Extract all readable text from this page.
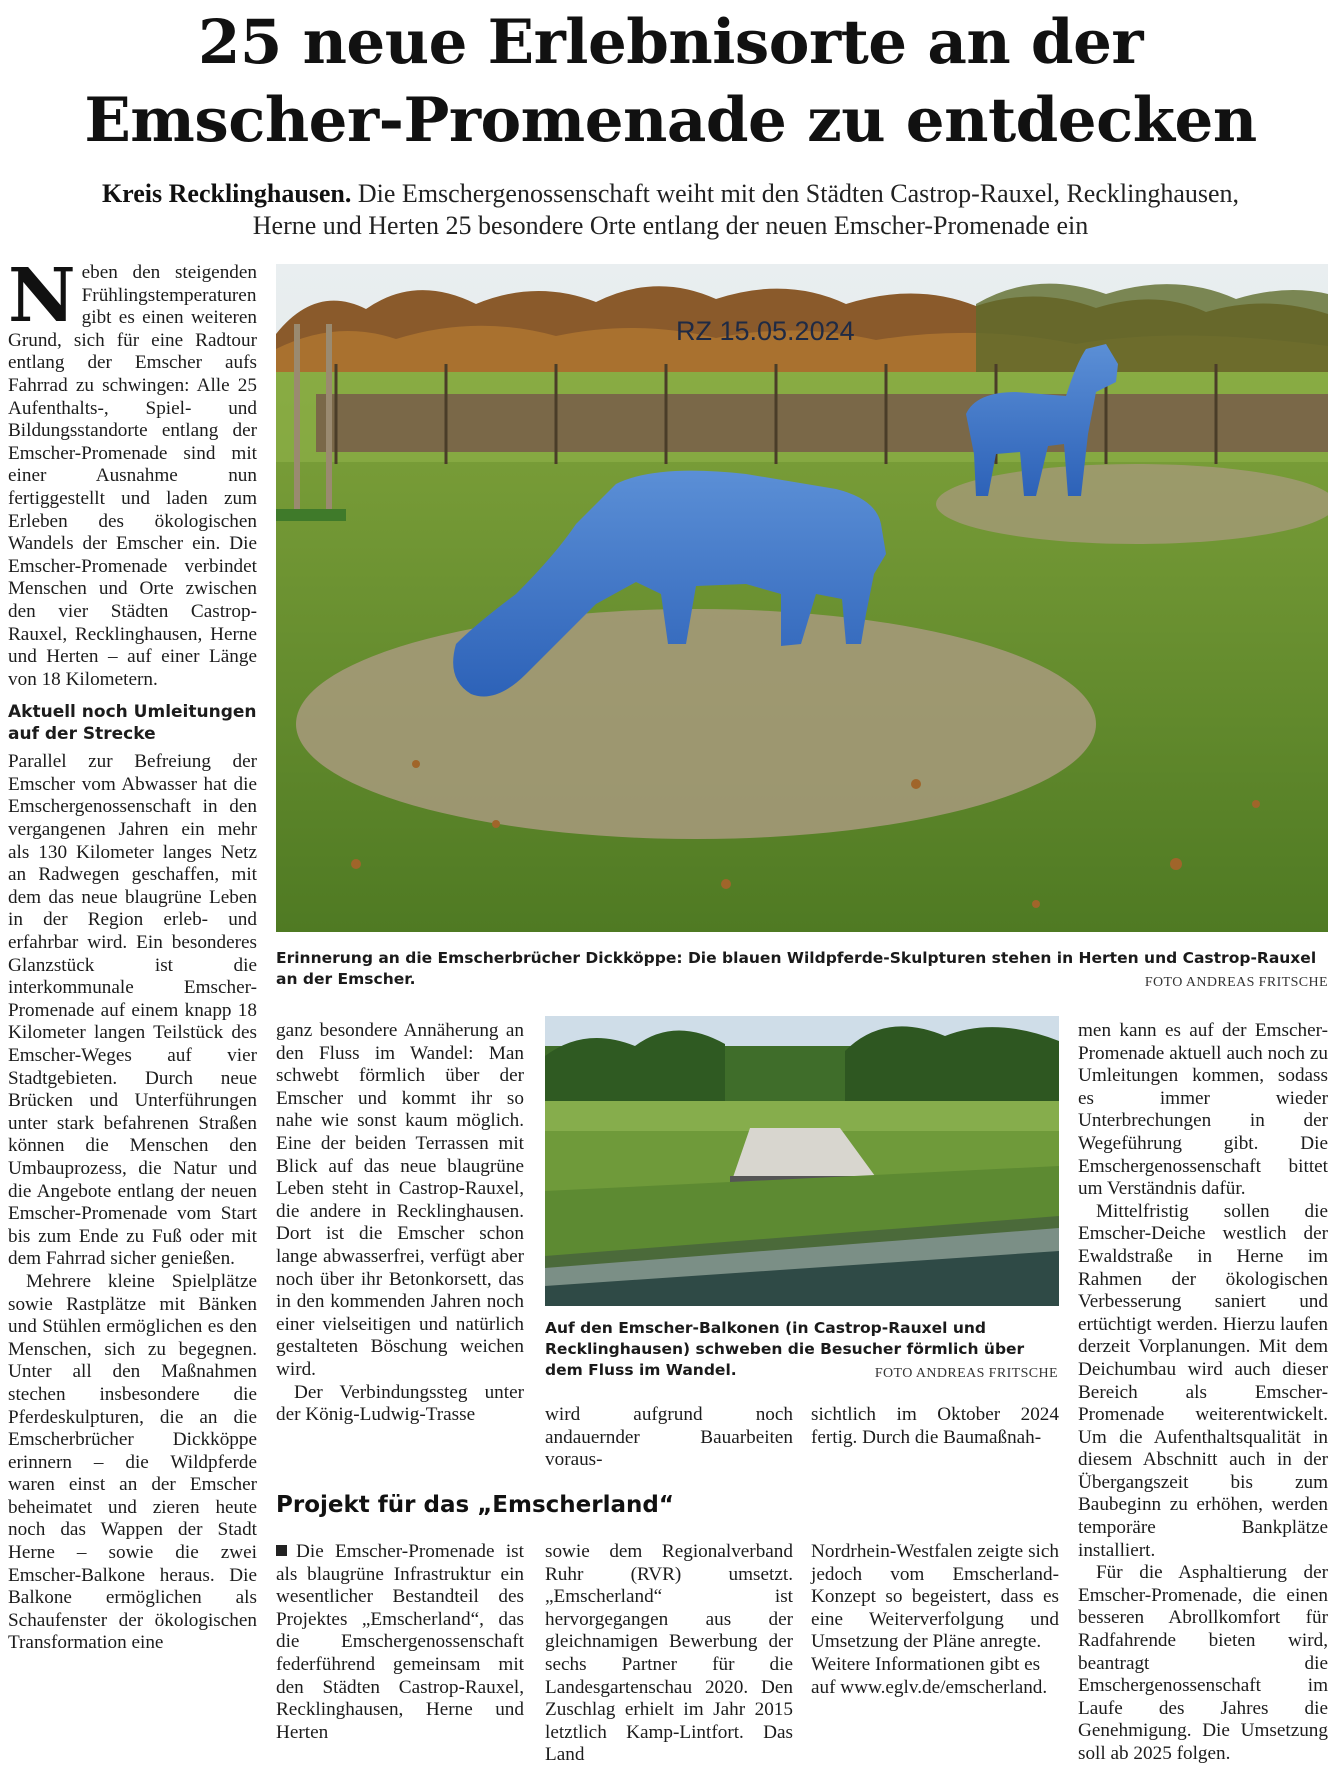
25 neue Erlebnisorte an der
Emscher-Promenade zu entdecken
Kreis Recklinghausen. Die Emschergenossenschaft weiht mit den Städten Castrop-Rauxel, Recklinghausen,
Herne und Herten 25 besondere Orte entlang der neuen Emscher-Promenade ein

Neben den steigenden Frühlingstemperaturen gibt es einen weiteren Grund, sich für eine Radtour entlang der Emscher aufs Fahrrad zu schwingen: Alle 25 Aufenthalts-, Spiel- und Bildungsstandorte entlang der Emscher-Promenade sind mit einer Ausnahme nun fertiggestellt und laden zum Erleben des ökologischen Wandels der Emscher ein. Die Emscher-Promenade verbindet Menschen und Orte zwischen den vier Städten Castrop-Rauxel, Recklinghausen, Herne und Herten – auf einer Länge von 18 Kilometern.

Aktuell noch Umleitungen auf der Strecke

Parallel zur Befreiung der Emscher vom Abwasser hat die Emschergenossenschaft in den vergangenen Jahren ein mehr als 130 Kilometer langes Netz an Radwegen geschaffen, mit dem das neue blaugrüne Leben in der Region erleb- und erfahrbar wird. Ein besonderes Glanzstück ist die interkommunale Emscher-Promenade auf einem knapp 18 Kilometer langen Teilstück des Emscher-Weges auf vier Stadtgebieten. Durch neue Brücken und Unterführungen unter stark befahrenen Straßen können die Menschen den Umbauprozess, die Natur und die Angebote entlang der neuen Emscher-Promenade vom Start bis zum Ende zu Fuß oder mit dem Fahrrad sicher genießen.

Mehrere kleine Spielplätze sowie Rastplätze mit Bänken und Stühlen ermöglichen es den Menschen, sich zu begegnen. Unter all den Maßnahmen stechen insbesondere die Pferdeskulpturen, die an die Emscherbrücher Dickköppe erinnern – die Wildpferde waren einst an der Emscher beheimatet und zieren heute noch das Wappen der Stadt Herne – sowie die zwei Emscher-Balkone heraus. Die Balkone ermöglichen als Schaufenster der ökologischen Transformation eine

RZ 15.05.2024
Erinnerung an die Emscherbrücher Dickköppe: Die blauen Wildpferde-Skulpturen stehen in Herten und Castrop-Rauxel an der Emscher.	FOTO ANDREAS FRITSCHE

ganz besondere Annäherung an den Fluss im Wandel: Man schwebt förmlich über der Emscher und kommt ihr so nahe wie sonst kaum möglich. Eine der beiden Terrassen mit Blick auf das neue blaugrüne Leben steht in Castrop-Rauxel, die andere in Recklinghausen. Dort ist die Emscher schon lange abwasserfrei, verfügt aber noch über ihr Betonkorsett, das in den kommenden Jahren noch einer vielseitigen und natürlich gestalteten Böschung weichen wird.

Der Verbindungssteg unter der König-Ludwig-Trasse

Auf den Emscher-Balkonen (in Castrop-Rauxel und Recklinghausen) schweben die Besucher förmlich über dem Fluss im Wandel.	FOTO ANDREAS FRITSCHE

wird aufgrund noch andauernder Bauarbeiten voraus-

sichtlich im Oktober 2024 fertig. Durch die Baumaßnah-

men kann es auf der Emscher-Promenade aktuell auch noch zu Umleitungen kommen, sodass es immer wieder Unterbrechungen in der Wegeführung gibt. Die Emschergenossenschaft bittet um Verständnis dafür.

Mittelfristig sollen die Emscher-Deiche westlich der Ewaldstraße in Herne im Rahmen der ökologischen Verbesserung saniert und ertüchtigt werden. Hierzu laufen derzeit Vorplanungen. Mit dem Deichumbau wird auch dieser Bereich als Emscher-Promenade weiterentwickelt. Um die Aufenthaltsqualität in diesem Abschnitt auch in der Übergangszeit bis zum Baubeginn zu erhöhen, werden temporäre Bankplätze installiert.

Für die Asphaltierung der Emscher-Promenade, die einen besseren Abrollkomfort für Radfahrende bieten wird, beantragt die Emschergenossenschaft im Laufe des Jahres die Genehmigung. Die Umsetzung soll ab 2025 folgen.

Projekt für das „Emscherland“

Die Emscher-Promenade ist als blaugrüne Infrastruktur ein wesentlicher Bestandteil des Projektes „Emscherland“, das die Emschergenossenschaft federführend gemeinsam mit den Städten Castrop-Rauxel, Recklinghausen, Herne und Herten

sowie dem Regionalverband Ruhr (RVR) umsetzt. „Emscherland“ ist hervorgegangen aus der gleichnamigen Bewerbung der sechs Partner für die Landesgartenschau 2020. Den Zuschlag erhielt im Jahr 2015 letztlich Kamp-Lintfort. Das Land

Nordrhein-Westfalen zeigte sich jedoch vom Emscherland-Konzept so begeistert, dass es eine Weiterverfolgung und Umsetzung der Pläne anregte.

Weitere Informationen gibt es auf www.eglv.de/emscherland.
